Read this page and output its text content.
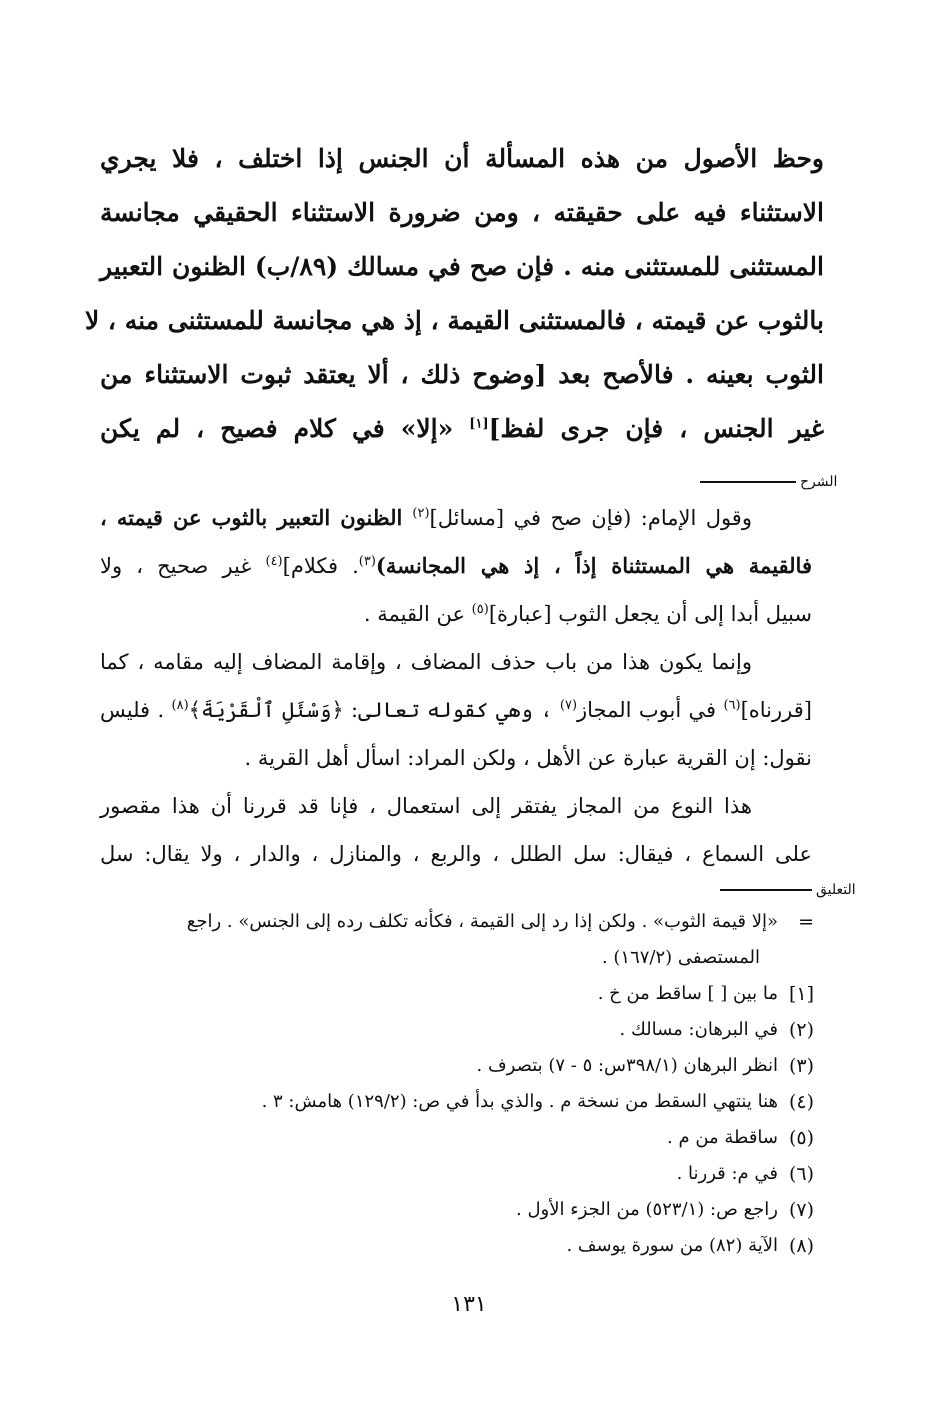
وحظ الأصول من هذه المسألة أن الجنس إذا اختلف ، فلا يجري
الاستثناء فيه على حقيقته ، ومن ضرورة الاستثناء الحقيقي مجانسة
المستثنى للمستثنى منه . فإن صح في مسالك (٨٩/ب) الظنون التعبير
بالثوب عن قيمته ، فالمستثنى القيمة ، إذ هي مجانسة للمستثنى منه ، لا
الثوب بعينه . فالأصح بعد [وضوح ذلك ، ألا يعتقد ثبوت الاستثناء من
غير الجنس ، فإن جرى لفظ][١] «إلا» في كلام فصيح ، لم يكن
الشرح

وقول الإمام: (فإن صح في [مسائل]$^{(٢)}$ الظنون التعبير بالثوب عن قيمته ،
فالقيمة هي المستثناة إذاً ، إذ هي المجانسة)$^{(٣)}$. فكلام]$^{(٤)}$ غير صحيح ، ولا
سبيل أبدا إلى أن يجعل الثوب [عبارة]$^{(٥)}$ عن القيمة .

وإنما يكون هذا من باب حذف المضاف ، وإقامة المضاف إليه مقامه ، كما
[قررناه]$^{(٦)}$ في أبوب المجاز$^{(٧)}$ ، وهي كقوله تعالى: ﴿وَسْئَلِ ٱلْقَرْيَةَ﴾$^{(٨)}$ . فليس
نقول: إن القرية عبارة عن الأهل ، ولكن المراد: اسأل أهل القرية .

هذا النوع من المجاز يفتقر إلى استعمال ، فإنا قد قررنا أن هذا مقصور
على السماع ، فيقال: سل الطلل ، والربع ، والمنازل ، والدار ، ولا يقال: سل

التعليق
=
«إلا قيمة الثوب» . ولكن إذا رد إلى القيمة ، فكأنه تكلف رده إلى الجنس» . راجع
المستصفى (١٦٧/٢) .
[١]
ما بين [ ] ساقط من خ .
(٢)
في البرهان: مسالك .
(٣)
انظر البرهان (٣٩٨/١س: ٥ - ٧) بتصرف .
(٤)
هنا ينتهي السقط من نسخة م . والذي بدأ في ص: (١٢٩/٢) هامش: ٣ .
(٥)
ساقطة من م .
(٦)
في م: قررنا .
(٧)
راجع ص: (٥٢٣/١) من الجزء الأول .
(٨)
الآية (٨٢) من سورة يوسف .
١٣١
